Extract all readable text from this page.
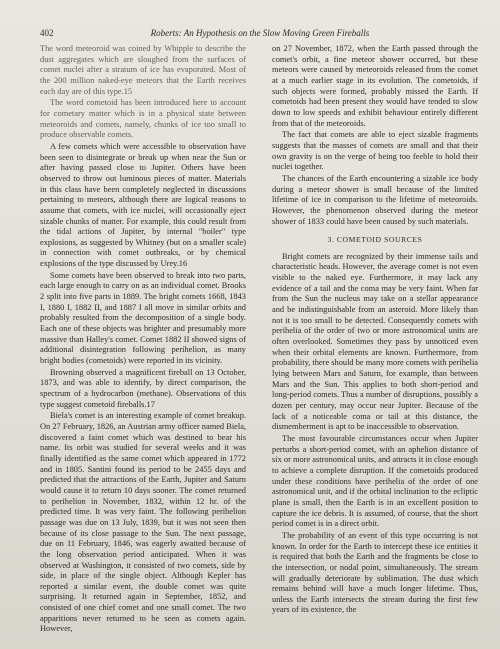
402	Roberts: An Hypothesis on the Slow Moving Green Fireballs

The word meteoroid was coined by Whipple to describe the dust aggregates which are sloughed from the surfaces of comet nuclei after a stratum of ice has evaporated. Most of the 200 million naked-eye meteors that the Earth receives each day are of this type.15

The word cometoid has been introduced here to account for cometary matter which is in a physical state between meteoroids and comets, namely, chunks of ice too small to produce observable comets.

A few comets which were accessible to observation have been seen to disintegrate or break up when near the Sun or after having passed close to Jupiter. Others have been observed to throw out luminous pieces of matter. Materials in this class have been completely neglected in discussions pertaining to meteors, although there are logical reasons to assume that comets, with ice nuclei, will occasionally eject sizable chunks of matter. For example, this could result from the tidal actions of Jupiter, by internal "boiler" type explosions, as suggested by Whitney (but on a smaller scale) in connection with comet outbreaks, or by chemical explosions of the type discussed by Urey.16

Some comets have been observed to break into two parts, each large enough to carry on as an individual comet. Brooks 2 split into five parts in 1889. The bright comets 1668, 1843 I, 1880 I, 1882 II, and 1887 I all move in similar orbits and probably resulted from the decomposition of a single body. Each one of these objects was brighter and presumably more massive than Halley's comet. Comet 1882 II showed signs of additional disintegration following perihelion, as many bright bodies (cometoids) were reported in its vicinity.

Browning observed a magnificent fireball on 13 October, 1873, and was able to identify, by direct comparison, the spectrum of a hydrocarbon (methane). Observations of this type suggest cometoid fireballs.17

Biela's comet is an interesting example of comet breakup. On 27 February, 1826, an Austrian army officer named Biela, discovered a faint comet which was destined to bear his name. Its orbit was studied for several weeks and it was finally identified as the same comet which appeared in 1772 and in 1805. Santini found its period to be 2455 days and predicted that the attractions of the Earth, Jupiter and Saturn would cause it to return 10 days sooner. The comet returned to perihelion in November, 1832, within 12 hr. of the predicted time. It was very faint. The following perihelion passage was due on 13 July, 1839, but it was not seen then because of its close passage to the Sun. The next passage, due on 11 February, 1846, was eagerly awaited because of the long observation period anticipated. When it was observed at Washington, it consisted of two comets, side by side, in place of the single object. Although Kepler has reported a similar event, the double comet was quite surprising. It returned again in September, 1852, and consisted of one chief comet and one small comet. The two apparitions never returned to be seen as comets again. However,

on 27 November, 1872, when the Earth passed through the comet's orbit, a fine meteor shower occurred, but these meteors were caused by meteoroids released from the comet at a much earlier stage in its evolution. The cometoids, if such objects were formed, probably missed the Earth. If cometoids had been present they would have tended to slow down to low speeds and exhibit behaviour entirely different from that of the meteoroids.

The fact that comets are able to eject sizable fragments suggests that the masses of comets are small and that their own gravity is on the verge of being too feeble to hold their nuclei together.

The chances of the Earth encountering a sizable ice body during a meteor shower is small because of the limited lifetime of ice in comparison to the lifetime of meteoroids. However, the phenomenon observed during the meteor shower of 1833 could have been caused by such materials.

3. COMETOID SOURCES

Bright comets are recognized by their immense tails and characteristic heads. However, the average comet is not even visible to the naked eye. Furthermore, it may lack any evidence of a tail and the coma may be very faint. When far from the Sun the nucleus may take on a stellar appearance and be indistinguishable from an asteroid. More likely than not it is too small to be detected. Consequently comets with perihelia of the order of two or more astronomical units are often overlooked. Sometimes they pass by unnoticed even when their orbital elements are known. Furthermore, from probability, there should be many more comets with perihelia lying between Mars and Saturn, for example, than between Mars and the Sun. This applies to both short-period and long-period comets. Thus a number of disruptions, possibly a dozen per century, may occur near Jupiter. Because of the lack of a noticeable coma or tail at this distance, the dismemberment is apt to be inaccessible to observation.

The most favourable circumstances occur when Jupiter perturbs a short-period comet, with an aphelion distance of six or more astronomical units, and attracts it in close enough to achieve a complete disruption. If the cometoids produced under these conditions have perihelia of the order of one astronomical unit, and if the orbital inclination to the ecliptic plane is small, then the Earth is in an excellent position to capture the ice debris. It is assumed, of course, that the short period comet is in a direct orbit.

The probability of an event of this type occurring is not known. In order for the Earth to intercept these ice entities it is required that both the Earth and the fragments be close to the intersection, or nodal point, simultaneously. The stream will gradually deteriorate by sublimation. The dust which remains behind will have a much longer lifetime. Thus, unless the Earth intersects the stream during the first few years of its existence, the
